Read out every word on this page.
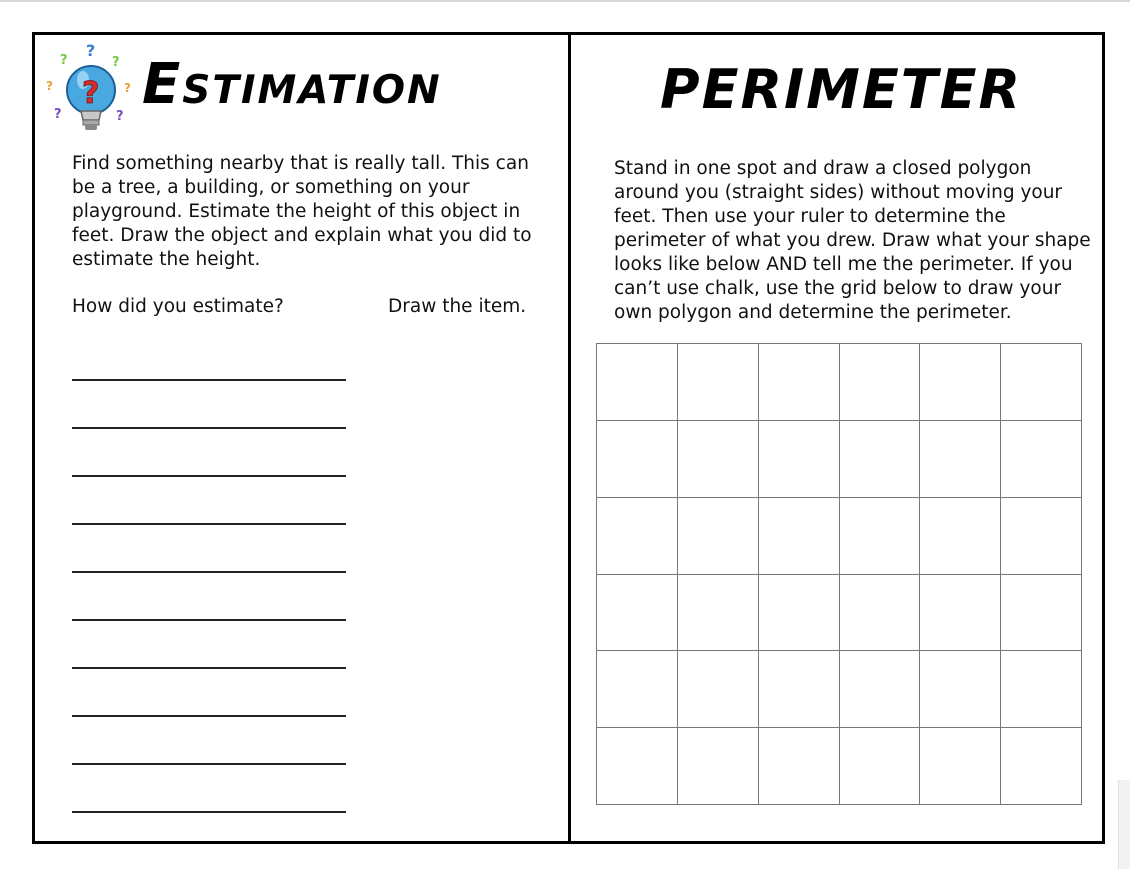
?
?	?
?	?
?	?
? Estimation	PERIMETER

Find something nearby that is really tall. This can be a tree, a building, or something on your playground. Estimate the height of this object in feet. Draw the object and explain what you did to estimate the height.

Stand in one spot and draw a closed polygon around you (straight sides) without moving your feet. Then use your ruler to determine the perimeter of what you drew. Draw what your shape looks like below AND tell me the perimeter. If you can’t use chalk, use the grid below to draw your own polygon and determine the perimeter.

How did you estimate?	Draw the item.
